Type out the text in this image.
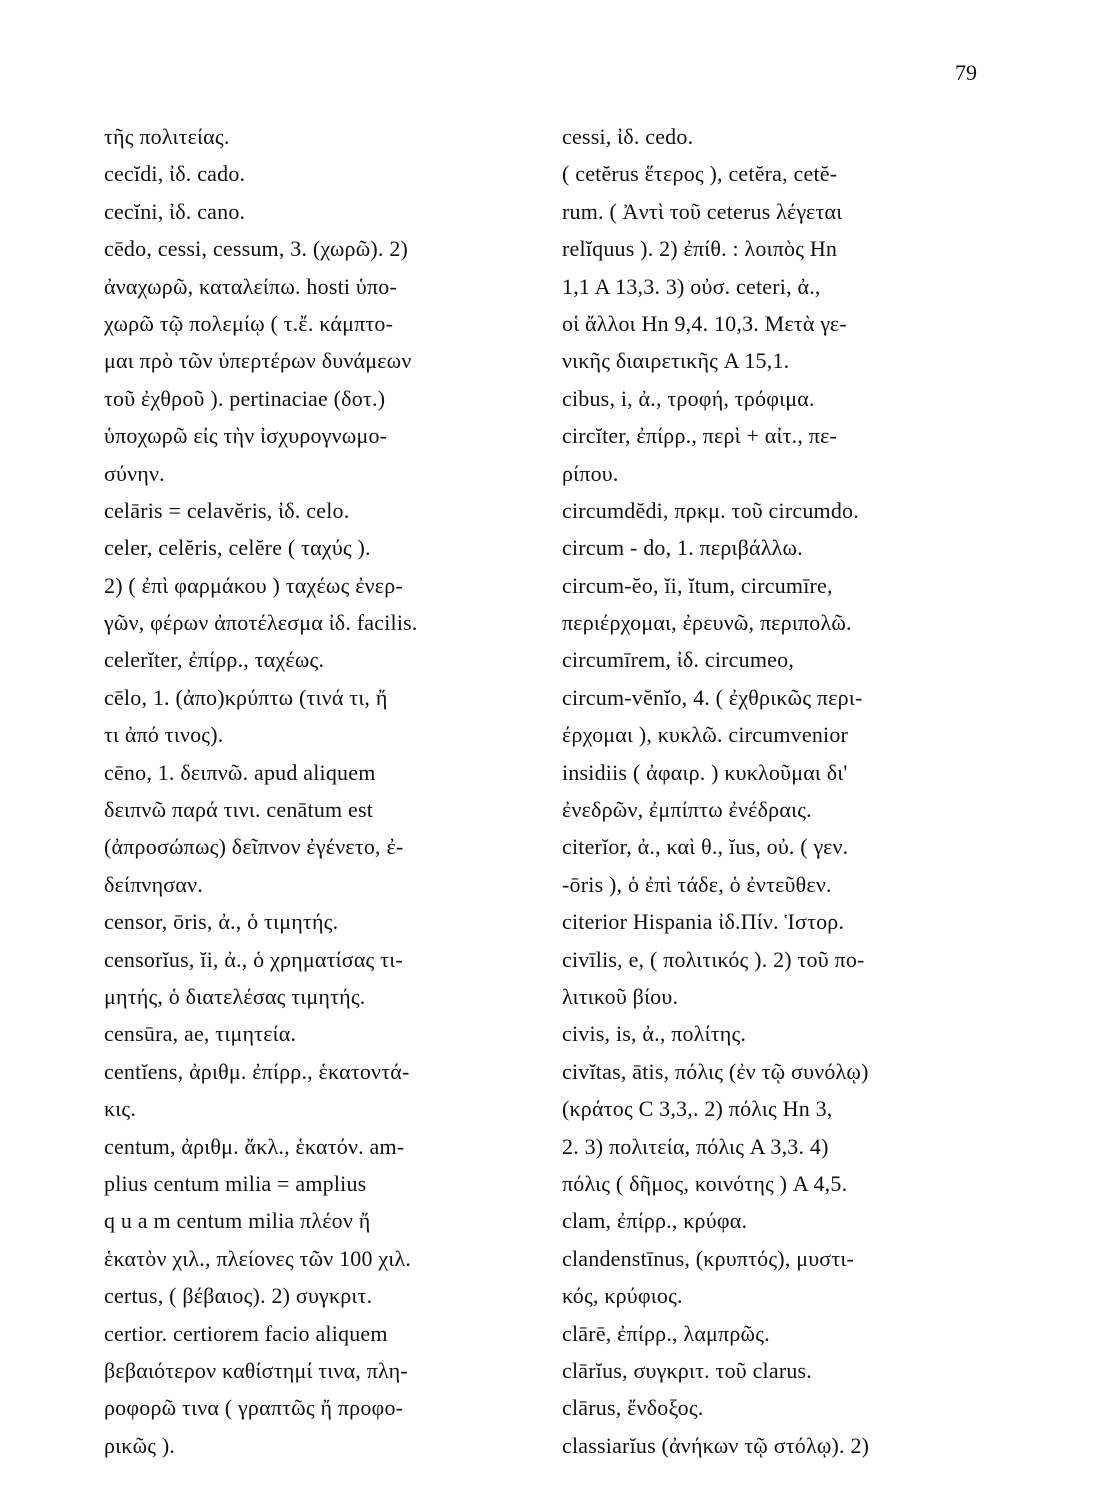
79
τῆς πολιτείας.
cecĭdi, ἰδ. cado.
cecĭni, ἰδ. cano.
cēdo, cessi, cessum, 3. (χωρῶ). 2)
ἀναχωρῶ, καταλείπω. hosti ὑπο-
χωρῶ τῷ πολεμίῳ ( τ.ἔ. κάμπτο-
μαι πρὸ τῶν ὑπερτέρων δυνάμεων
τοῦ ἐχθροῦ ). pertinaciae (δοτ.)
ὑποχωρῶ εἰς τὴν ἰσχυρογνωμο-
σύνην.
celāris = celavĕris, ἰδ. celo.
celer, celĕris, celĕre ( ταχύς ).
2) ( ἐπὶ φαρμάκου ) ταχέως ἐνερ-
γῶν, φέρων ἀποτέλεσμα ἰδ. facilis.
celerĭter, ἐπίρρ., ταχέως.
cēlo, 1. (ἀπο)κρύπτω (τινά τι, ἤ
τι ἀπό τινος).
cēno, 1. δειπνῶ. apud aliquem
δειπνῶ παρά τινι. cenātum est
(ἀπροσώπως) δεῖπνον ἐγένετο, ἐ-
δείπνησαν.
censor, ōris, ἀ., ὁ τιμητής.
censorĭus, ĭi, ἀ., ὁ χρηματίσας τι-
μητής, ὁ διατελέσας τιμητής.
censūra, ae, τιμητεία.
centĭens, ἀριθμ. ἐπίρρ., ἑκατοντά-
κις.
centum, ἀριθμ. ἄκλ., ἑκατόν. am-
plius centum milia = amplius
q u a m centum milia πλέον ἤ
ἑκατὸν χιλ., πλείονες τῶν 100 χιλ.
certus, ( βέβαιος). 2) συγκριτ.
certior. certiorem facio aliquem
βεβαιότερον καθίστημί τινα, πλη-
ροφορῶ τινα ( γραπτῶς ἤ προφο-
ρικῶς ).
cessi, ἰδ. cedo.
( cetĕrus ἕτερος ), cetĕra, cetĕ-
rum. ( Ἀντὶ τοῦ ceterus λέγεται
relĭquus ). 2) ἐπίθ. : λοιπὸς Ηn
1,1 A 13,3. 3) οὐσ. ceteri, ἀ.,
οἱ ἄλλοι Ηn 9,4. 10,3. Μετὰ γε-
νικῆς διαιρετικῆς A 15,1.
cibus, i, ἀ., τροφή, τρόφιμα.
circĭter, ἐπίρρ., περὶ + αἰτ., πε-
ρίπου.
circumdĕdi, πρκμ. τοῦ circumdo.
circum - do, 1. περιβάλλω.
circum-ĕo, ĭi, ĭtum, circumīre,
περιέρχομαι, ἐρευνῶ, περιπολῶ.
circumīrem, ἰδ. circumeo,
circum-vĕnĭo, 4. ( ἐχθρικῶς περι-
έρχομαι ), κυκλῶ. circumvenior
insidiis ( ἀφαιρ. ) κυκλοῦμαι δι'
ἐνεδρῶν, ἐμπίπτω ἐνέδραις.
citerĭor, ἀ., καὶ θ., ĭus, οὐ. ( γεν.
-ōris ), ὁ ἐπὶ τάδε, ὁ ἐντεῦθεν.
citerior Hispania ἰδ.Πίν. Ἱστορ.
civīlis, e, ( πολιτικός ). 2) τοῦ πο-
λιτικοῦ βίου.
civis, is, ἀ., πολίτης.
civĭtas, ātis, πόλις (ἐν τῷ συνόλῳ)
(κράτος C 3,3,. 2) πόλις Ηn 3,
2. 3) πολιτεία, πόλις A 3,3. 4)
πόλις ( δῆμος, κοινότης ) A 4,5.
clam, ἐπίρρ., κρύφα.
clandenstīnus, (κρυπτός), μυστι-
κός, κρύφιος.
clārē, ἐπίρρ., λαμπρῶς.
clārĭus, συγκριτ. τοῦ clarus.
clārus, ἔνδοξος.
classiarĭus (ἀνήκων τῷ στόλῳ). 2)
